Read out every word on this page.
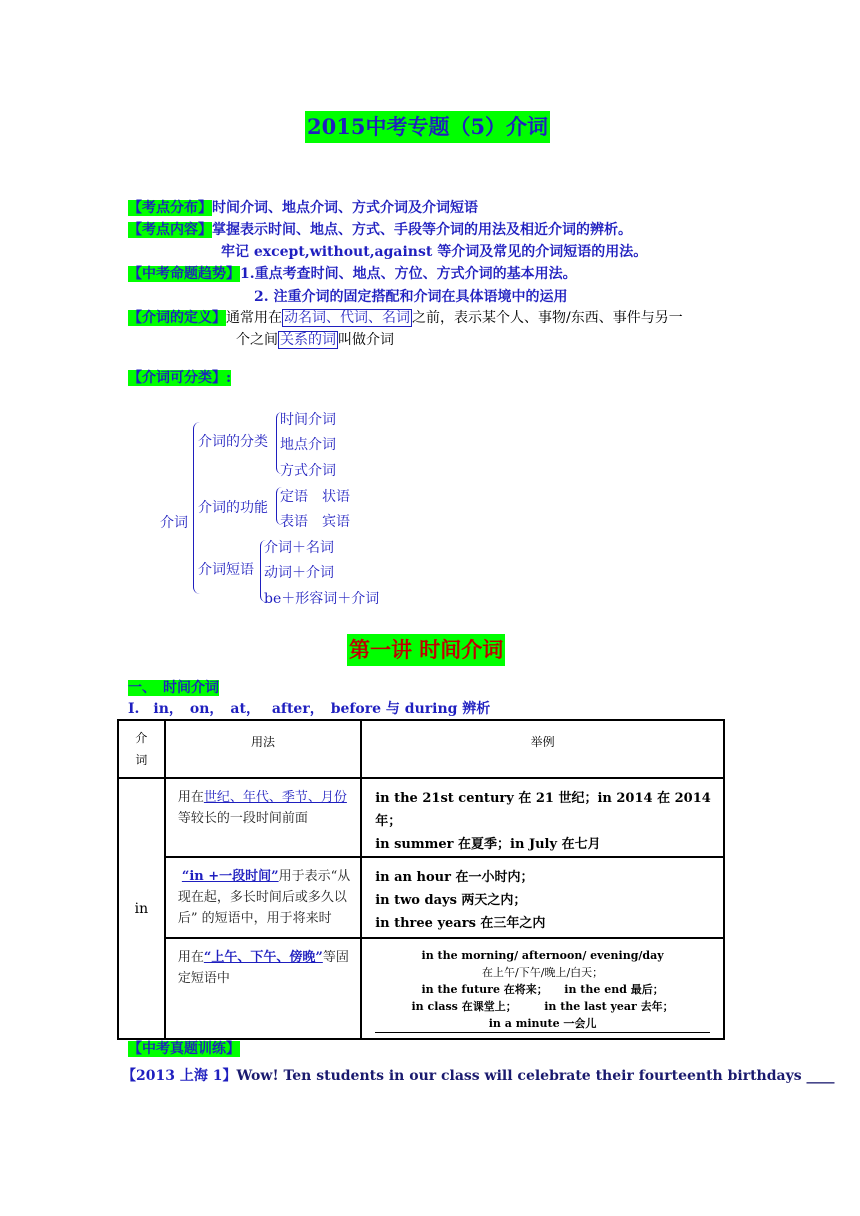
2015中考专题（5）介词
【考点分布】时间介词、地点介词、方式介词及介词短语
【考点内容】掌握表示时间、地点、方式、手段等介词的用法及相近介词的辨析。
牢记 except,without,against 等介词及常见的介词短语的用法。
【中考命题趋势】1.重点考查时间、地点、方位、方式介词的基本用法。
2. 注重介词的固定搭配和介词在具体语境中的运用
【介词的定义】通常用在 动名词、代词、名词 之前，表示某个人、事物/东西、事件与另一
个之间 关系的词 叫做介词
【介词可分类】:
介词
介词的分类
时间介词
地点介词
方式介词
介词的功能
定语　状语
表语　宾语
介词短语
介词＋名词
动词＋介词
be＋形容词＋介词
第一讲 时间介词
一、　时间介词
I.　in，　on，　at，　 after，　before 与 during 辨析
介
词	用法	举例
in	用在世纪、年代、季节、月份等较长的一段时间前面	in the 21st century 在 21 世纪；in 2014 在 2014 年；
in summer 在夏季；in July 在七月

	“in +一段时间”用于表示“从现在起，多长时间后或多久以后” 的短语中，用于将来时	in an hour 在一小时内；
in two days 两天之内；
in three years 在三年之内

	用在“上午、下午、傍晚”等固定短语中	in the morning/ afternoon/ evening/day
在上午/下午/晚上/白天；
in the future 在将来；　　in the end 最后；
in class 在课堂上；　　　in the last year 去年；
in a minute 一会儿
【中考真题训练】
【2013 上海 1】Wow! Ten students in our class will celebrate their fourteenth birthdays ____
